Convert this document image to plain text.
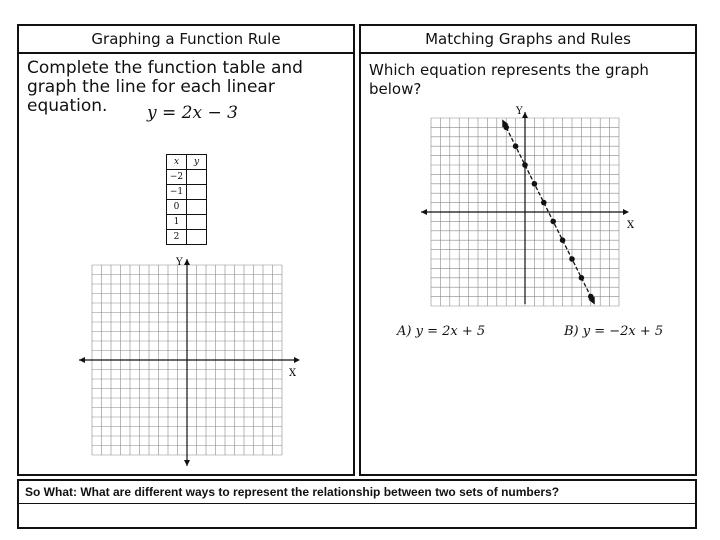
Graphing a Function Rule
Complete the function table and graph the line for each linear equation.	y = 2x − 3
x	y
−2	
−1	
0	
1	
2	
X
Y
Matching Graphs and Rules
Which equation represents the graph below?
X
Y
A) y = 2x + 5	B) y = −2x + 5
So What: What are different ways to represent the relationship between two sets of numbers?
